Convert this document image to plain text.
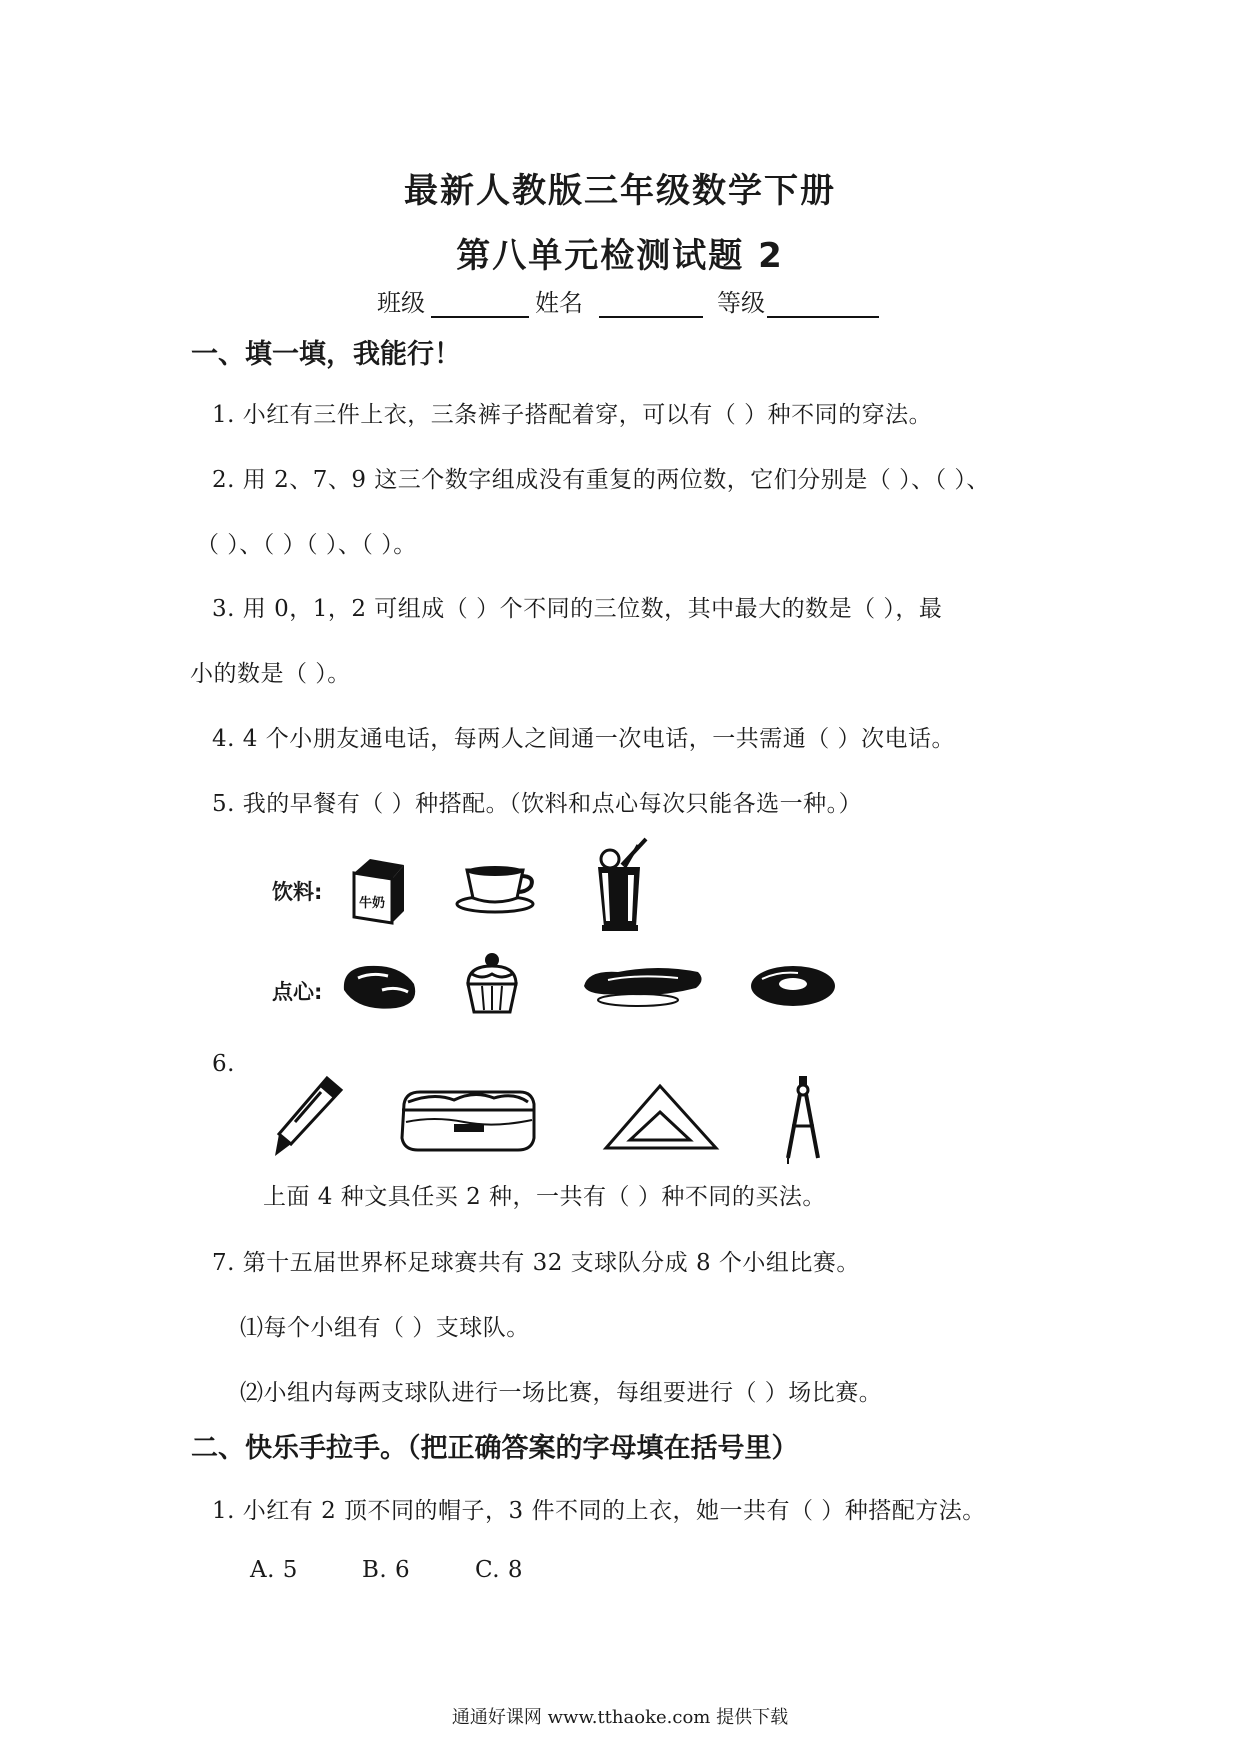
最新人教版三年级数学下册
第八单元检测试题 2
班级	姓名	等级
一、填一填，我能行！
1. 小红有三件上衣，三条裤子搭配着穿，可以有（ ）种不同的穿法。
2. 用 2、7、9 这三个数字组成没有重复的两位数，它们分别是（ ）、（ ）、
（ ）、（ ）（ ）、（ ）。
3. 用 0，1，2 可组成（ ）个不同的三位数，其中最大的数是（ ），最
小的数是（ ）。
4. 4 个小朋友通电话，每两人之间通一次电话，一共需通（ ）次电话。
5. 我的早餐有（ ）种搭配。（饮料和点心每次只能各选一种。）
饮料:	牛奶
点心:
6.
上面 4 种文具任买 2 种，一共有（ ）种不同的买法。
7. 第十五届世界杯足球赛共有 32 支球队分成 8 个小组比赛。
⑴每个小组有（ ）支球队。
⑵小组内每两支球队进行一场比赛，每组要进行（ ）场比赛。
二、快乐手拉手。（把正确答案的字母填在括号里）
1. 小红有 2 顶不同的帽子，3 件不同的上衣，她一共有（ ）种搭配方法。
A. 5	B. 6	C. 8
通通好课网 www.tthaoke.com 提供下载
